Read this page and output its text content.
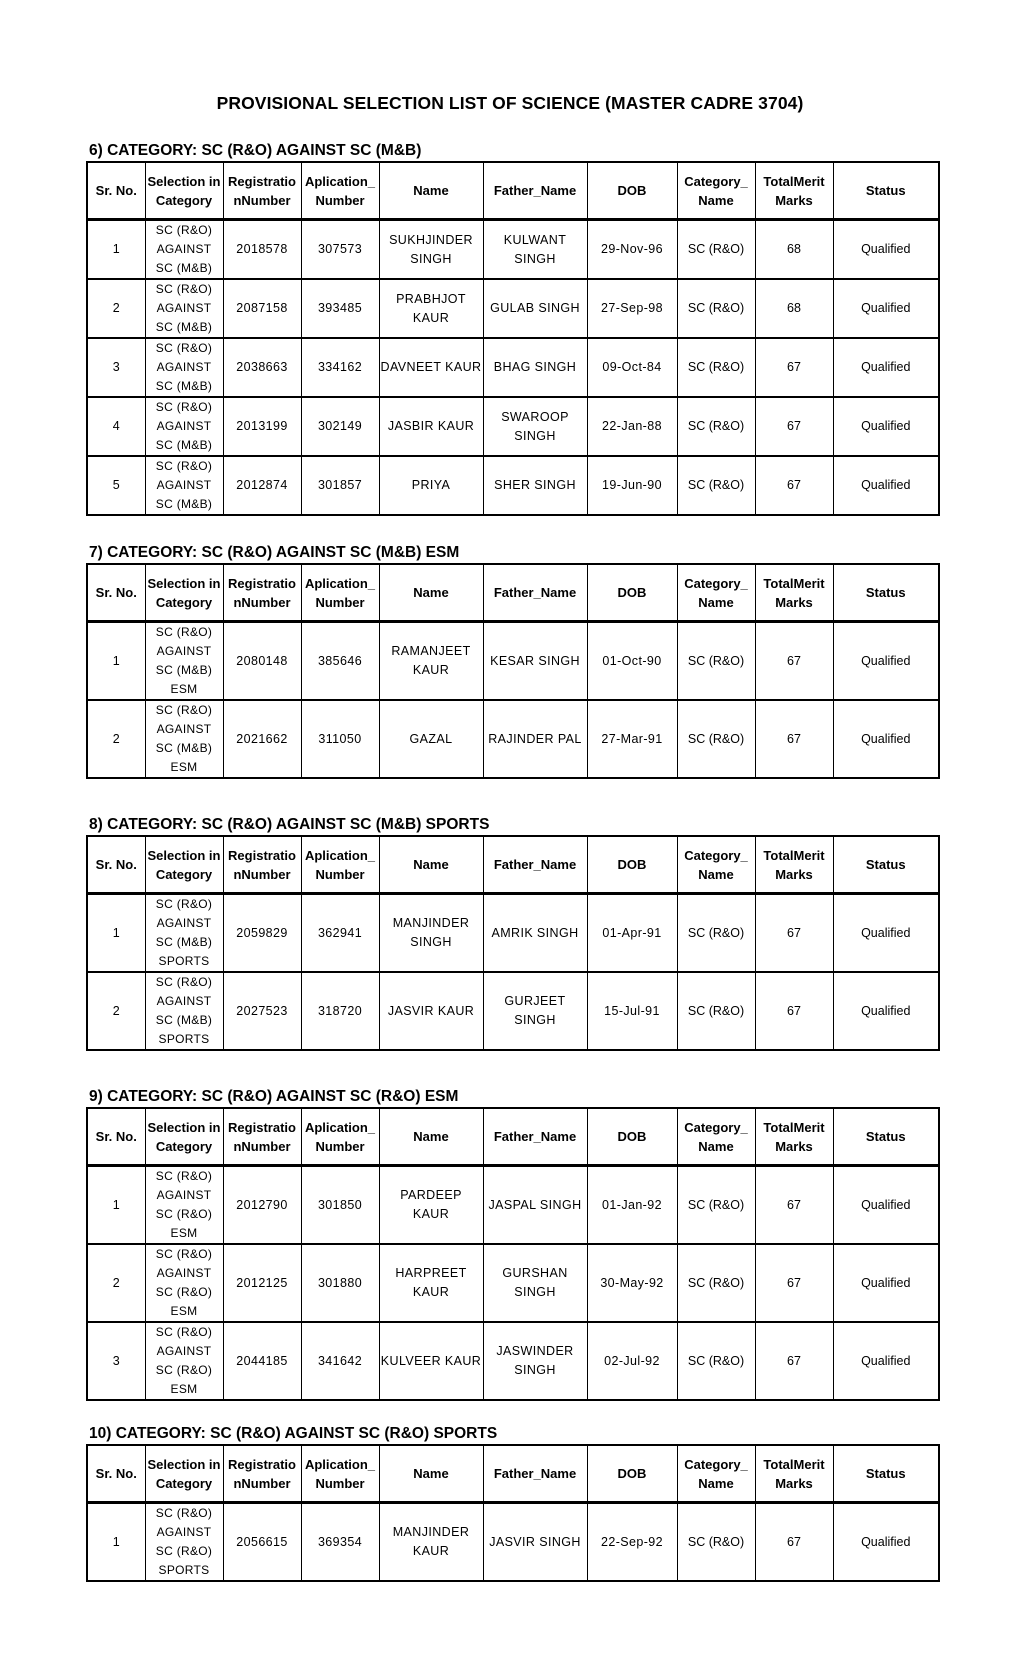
PROVISIONAL SELECTION LIST OF SCIENCE (MASTER CADRE 3704)
6) CATEGORY: SC (R&O) AGAINST SC (M&B)
Sr. No.	Selection in Category	Registratio nNumber	Aplication_ Number	Name	Father_Name	DOB	Category_ Name	TotalMerit Marks	Status
1	SC (R&O) AGAINST SC (M&B)	2018578	307573	SUKHJINDER SINGH	KULWANT SINGH	29-Nov-96	SC (R&O)	68	Qualified
2	SC (R&O) AGAINST SC (M&B)	2087158	393485	PRABHJOT KAUR	GULAB SINGH	27-Sep-98	SC (R&O)	68	Qualified
3	SC (R&O) AGAINST SC (M&B)	2038663	334162	DAVNEET KAUR	BHAG SINGH	09-Oct-84	SC (R&O)	67	Qualified
4	SC (R&O) AGAINST SC (M&B)	2013199	302149	JASBIR KAUR	SWAROOP SINGH	22-Jan-88	SC (R&O)	67	Qualified
5	SC (R&O) AGAINST SC (M&B)	2012874	301857	PRIYA	SHER SINGH	19-Jun-90	SC (R&O)	67	Qualified
7) CATEGORY: SC (R&O) AGAINST SC (M&B) ESM
Sr. No.	Selection in Category	Registratio nNumber	Aplication_ Number	Name	Father_Name	DOB	Category_ Name	TotalMerit Marks	Status
1	SC (R&O) AGAINST SC (M&B) ESM	2080148	385646	RAMANJEET KAUR	KESAR SINGH	01-Oct-90	SC (R&O)	67	Qualified
2	SC (R&O) AGAINST SC (M&B) ESM	2021662	311050	GAZAL	RAJINDER PAL	27-Mar-91	SC (R&O)	67	Qualified
8) CATEGORY: SC (R&O) AGAINST SC (M&B) SPORTS
Sr. No.	Selection in Category	Registratio nNumber	Aplication_ Number	Name	Father_Name	DOB	Category_ Name	TotalMerit Marks	Status
1	SC (R&O) AGAINST SC (M&B) SPORTS	2059829	362941	MANJINDER SINGH	AMRIK SINGH	01-Apr-91	SC (R&O)	67	Qualified
2	SC (R&O) AGAINST SC (M&B) SPORTS	2027523	318720	JASVIR KAUR	GURJEET SINGH	15-Jul-91	SC (R&O)	67	Qualified
9) CATEGORY: SC (R&O) AGAINST SC (R&O) ESM
Sr. No.	Selection in Category	Registratio nNumber	Aplication_ Number	Name	Father_Name	DOB	Category_ Name	TotalMerit Marks	Status
1	SC (R&O) AGAINST SC (R&O) ESM	2012790	301850	PARDEEP KAUR	JASPAL SINGH	01-Jan-92	SC (R&O)	67	Qualified
2	SC (R&O) AGAINST SC (R&O) ESM	2012125	301880	HARPREET KAUR	GURSHAN SINGH	30-May-92	SC (R&O)	67	Qualified
3	SC (R&O) AGAINST SC (R&O) ESM	2044185	341642	KULVEER KAUR	JASWINDER SINGH	02-Jul-92	SC (R&O)	67	Qualified
10) CATEGORY: SC (R&O) AGAINST SC (R&O) SPORTS
Sr. No.	Selection in Category	Registratio nNumber	Aplication_ Number	Name	Father_Name	DOB	Category_ Name	TotalMerit Marks	Status
1	SC (R&O) AGAINST SC (R&O) SPORTS	2056615	369354	MANJINDER KAUR	JASVIR SINGH	22-Sep-92	SC (R&O)	67	Qualified
